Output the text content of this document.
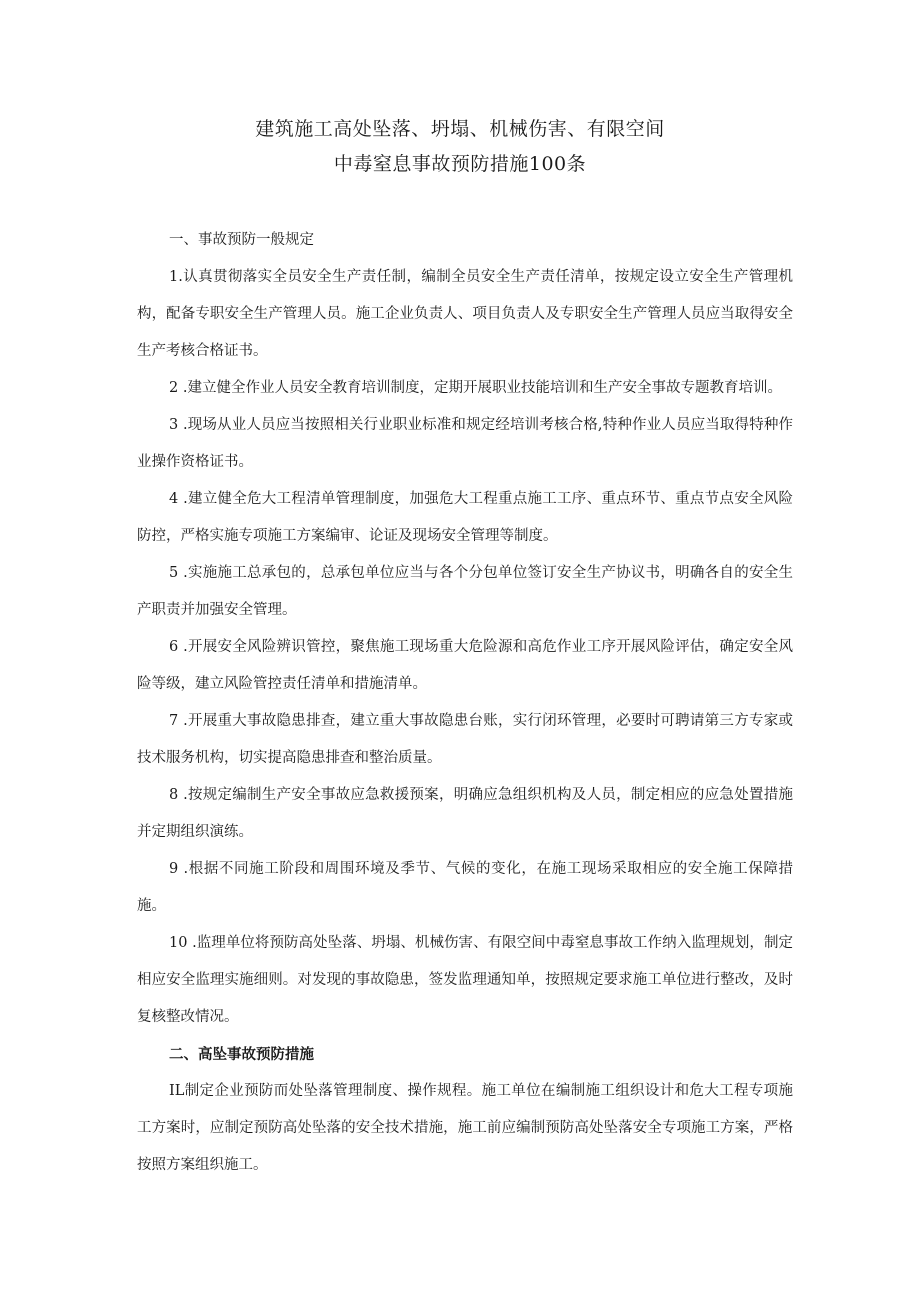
建筑施工高处坠落、坍塌、机械伤害、有限空间
中毒窒息事故预防措施100条

一、事故预防一般规定

1.认真贯彻落实全员安全生产责任制，编制全员安全生产责任清单，按规定设立安全生产管理机构，配备专职安全生产管理人员。施工企业负责人、项目负责人及专职安全生产管理人员应当取得安全生产考核合格证书。

2 .建立健全作业人员安全教育培训制度，定期开展职业技能培训和生产安全事故专题教育培训。

3 .现场从业人员应当按照相关行业职业标准和规定经培训考核合格,特种作业人员应当取得特种作业操作资格证书。

4 .建立健全危大工程清单管理制度，加强危大工程重点施工工序、重点环节、重点节点安全风险防控，严格实施专项施工方案编审、论证及现场安全管理等制度。

5 .实施施工总承包的，总承包单位应当与各个分包单位签订安全生产协议书，明确各自的安全生产职责并加强安全管理。

6 .开展安全风险辨识管控，聚焦施工现场重大危险源和高危作业工序开展风险评估，确定安全风险等级，建立风险管控责任清单和措施清单。

7 .开展重大事故隐患排查，建立重大事故隐患台账，实行闭环管理，必要时可聘请第三方专家或技术服务机构，切实提高隐患排查和整治质量。

8 .按规定编制生产安全事故应急救援预案，明确应急组织机构及人员，制定相应的应急处置措施并定期组织演练。

9 .根据不同施工阶段和周围环境及季节、气候的变化，在施工现场采取相应的安全施工保障措施。

10 .监理单位将预防高处坠落、坍塌、机械伤害、有限空间中毒窒息事故工作纳入监理规划，制定相应安全监理实施细则。对发现的事故隐患，签发监理通知单，按照规定要求施工单位进行整改，及时复核整改情况。

二、高坠事故预防措施

IL制定企业预防而处坠落管理制度、操作规程。施工单位在编制施工组织设计和危大工程专项施工方案时，应制定预防高处坠落的安全技术措施，施工前应编制预防高处坠落安全专项施工方案，严格按照方案组织施工。
